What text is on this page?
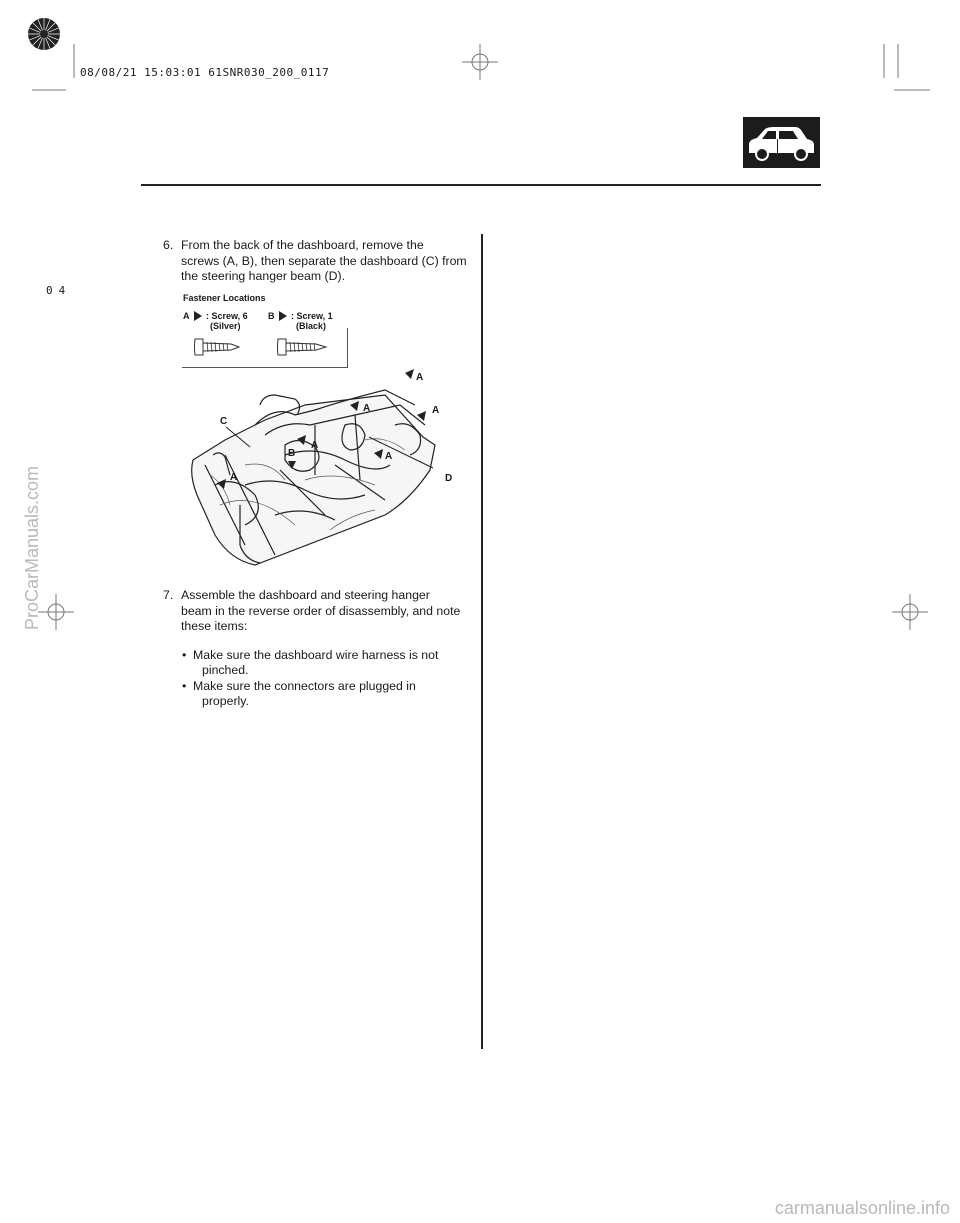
08/08/21 15:03:01 61SNR030_200_0117
04
6. From the back of the dashboard, remove the
screws (A, B), then separate the dashboard (C) from
the steering hanger beam (D).
Fastener Locations
A : Screw, 6
(Silver)
B : Screw, 1
(Black)
A
A	A
A
A
A
B
C
D
7. Assemble the dashboard and steering hanger
beam in the reverse order of disassembly, and note
these items:
• Make sure the dashboard wire harness is not
pinched.
• Make sure the connectors are plugged in
properly.
ProCarManuals.com
carmanualsonline.info
